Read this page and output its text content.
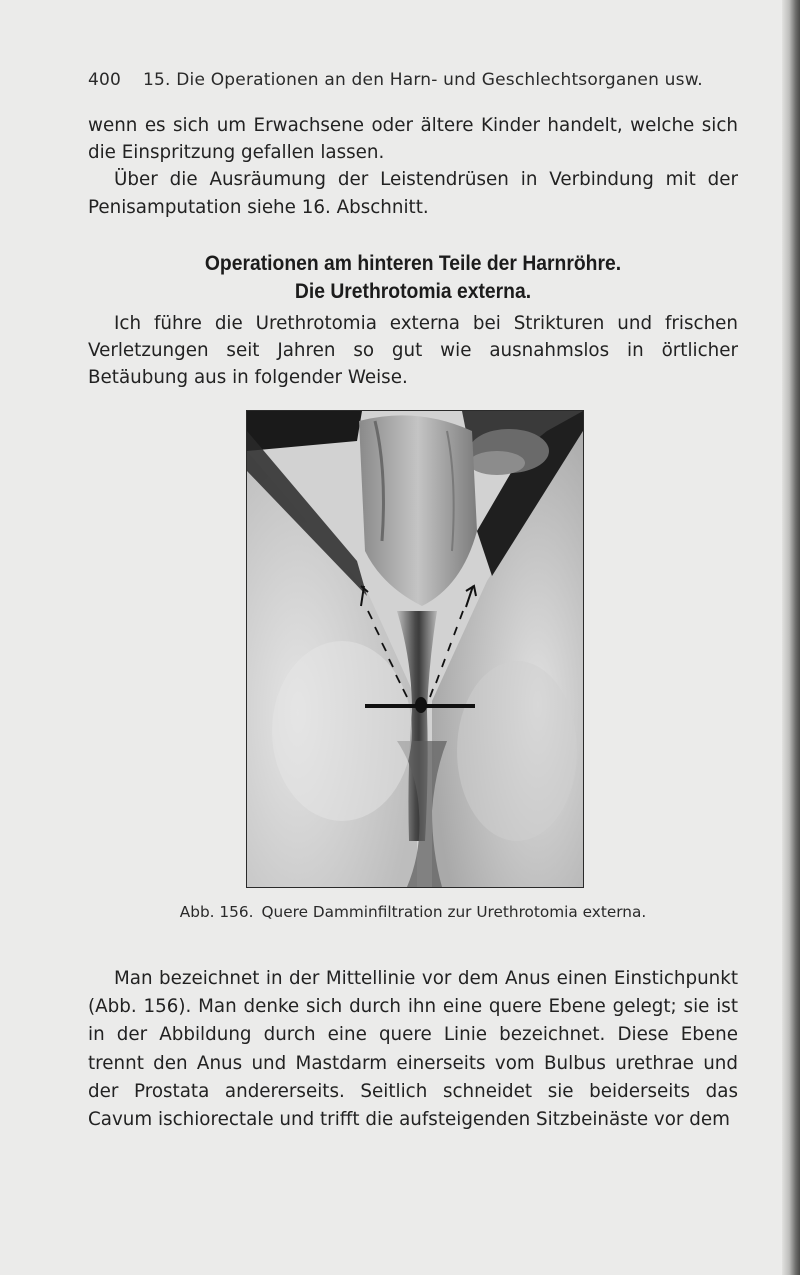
400 15. Die Operationen an den Harn- und Geschlechtsorganen usw.

wenn es sich um Erwachsene oder ältere Kinder handelt, welche sich die Einspritzung gefallen lassen.

Über die Ausräumung der Leistendrüsen in Verbindung mit der Penisamputation siehe 16. Abschnitt.

Operationen am hinteren Teile der Harnröhre.
Die Urethrotomia externa.

Ich führe die Urethrotomia externa bei Strikturen und frischen Verletzungen seit Jahren so gut wie ausnahmslos in örtlicher Betäubung aus in folgender Weise.

Abb. 156. Quere Damminfiltration zur Urethrotomia externa.

Man bezeichnet in der Mittellinie vor dem Anus einen Einstichpunkt (Abb. 156). Man denke sich durch ihn eine quere Ebene gelegt; sie ist in der Abbildung durch eine quere Linie bezeichnet. Diese Ebene trennt den Anus und Mastdarm einerseits vom Bulbus urethrae und der Prostata andererseits. Seitlich schneidet sie beiderseits das Cavum ischiorectale und trifft die aufsteigenden Sitzbeinäste vor dem
